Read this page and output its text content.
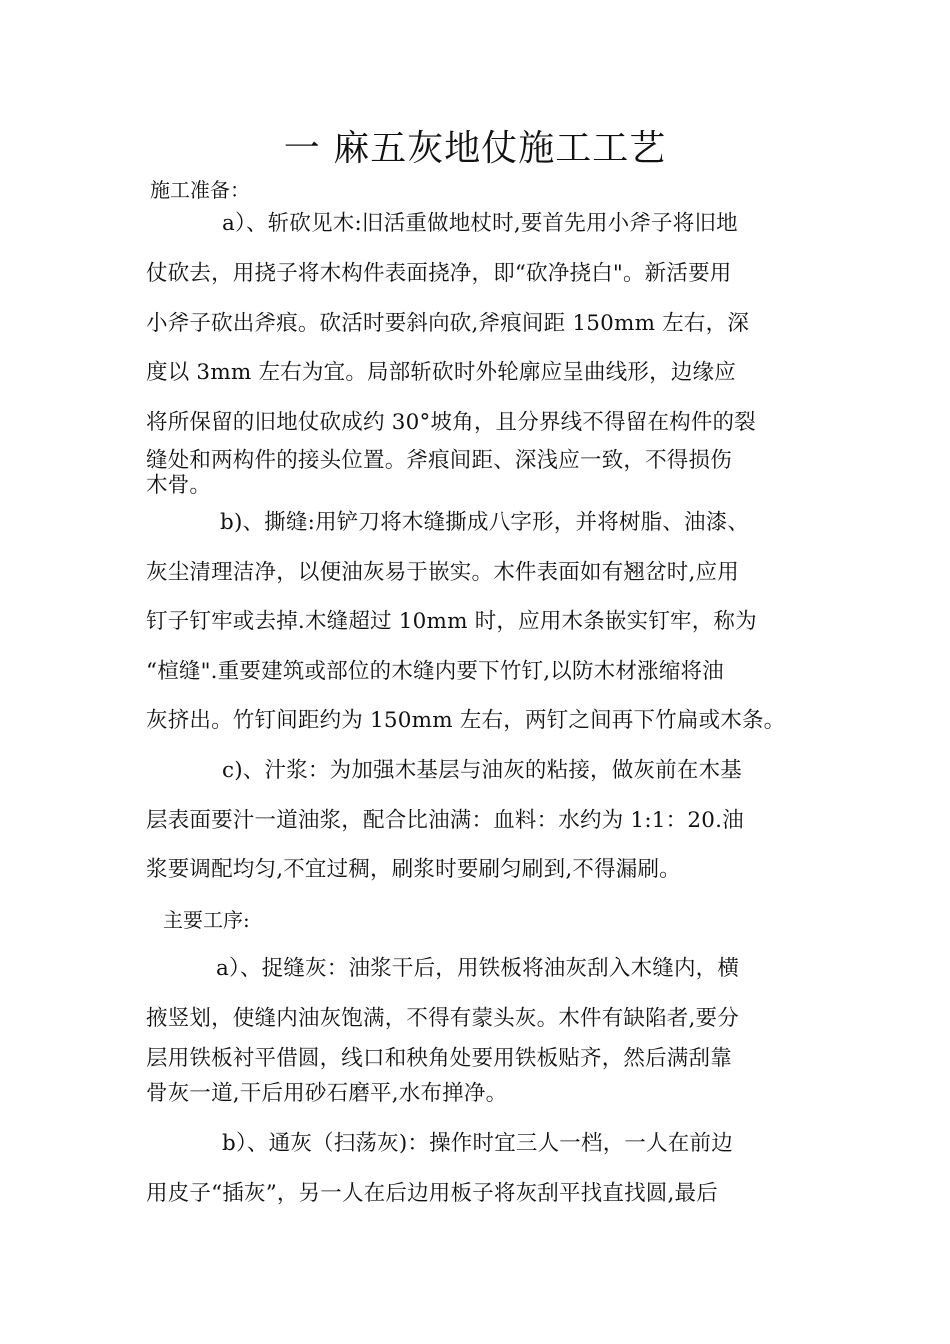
一 麻五灰地仗施工工艺
施工准备：
a）、斩砍见木:旧活重做地杖时,要首先用小斧子将旧地
仗砍去，用挠子将木构件表面挠净，即“砍净挠白"。新活要用
小斧子砍出斧痕。砍活时要斜向砍,斧痕间距 150mm 左右，深
度以 3mm 左右为宜。局部斩砍时外轮廓应呈曲线形，边缘应
将所保留的旧地仗砍成约 30°坡角，且分界线不得留在构件的裂
缝处和两构件的接头位置。斧痕间距、深浅应一致，不得损伤
木骨。
b)、撕缝:用铲刀将木缝撕成八字形，并将树脂、油漆、
灰尘清理洁净，以便油灰易于嵌实。木件表面如有翘岔时,应用
钉子钉牢或去掉.木缝超过 10mm 时，应用木条嵌实钉牢，称为
“楦缝".重要建筑或部位的木缝内要下竹钉,以防木材涨缩将油
灰挤出。竹钉间距约为 150mm 左右，两钉之间再下竹扁或木条。
c)、汁浆：为加强木基层与油灰的粘接，做灰前在木基
层表面要汁一道油浆，配合比油满：血料：水约为 1:1：20.油
浆要调配均匀,不宜过稠，刷浆时要刷匀刷到,不得漏刷。
主要工序:
a）、捉缝灰：油浆干后，用铁板将油灰刮入木缝内，横
掖竖划，使缝内油灰饱满，不得有蒙头灰。木件有缺陷者,要分
层用铁板衬平借圆，线口和秧角处要用铁板贴齐，然后满刮靠
骨灰一道,干后用砂石磨平,水布掸净。
b）、通灰（扫荡灰)：操作时宜三人一档，一人在前边
用皮子“插灰”，另一人在后边用板子将灰刮平找直找圆,最后
